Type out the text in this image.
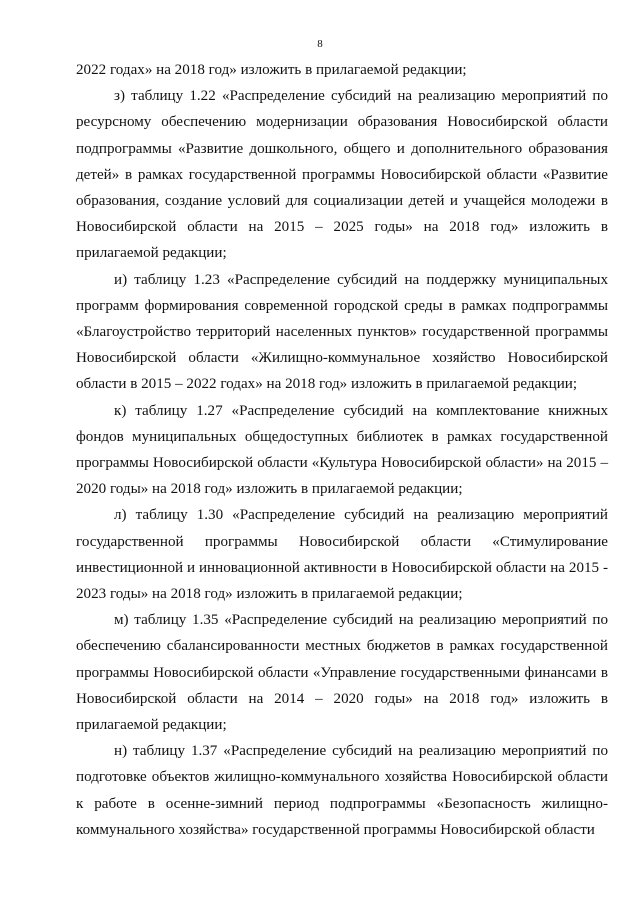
8

2022 годах» на 2018 год» изложить в прилагаемой редакции;

з) таблицу 1.22 «Распределение субсидий на реализацию мероприятий по ресурсному обеспечению модернизации образования Новосибирской области подпрограммы «Развитие дошкольного, общего и дополнительного образования детей» в рамках государственной программы Новосибирской области «Развитие образования, создание условий для социализации детей и учащейся молодежи в Новосибирской области на 2015 – 2025 годы» на 2018 год» изложить в прилагаемой редакции;

и) таблицу 1.23 «Распределение субсидий на поддержку муниципальных программ формирования современной городской среды в рамках подпрограммы «Благоустройство территорий населенных пунктов» государственной программы Новосибирской области «Жилищно-коммунальное хозяйство Новосибирской области в 2015 – 2022 годах» на 2018 год» изложить в прилагаемой редакции;

к) таблицу 1.27 «Распределение субсидий на комплектование книжных фондов муниципальных общедоступных библиотек в рамках государственной программы Новосибирской области «Культура Новосибирской области» на 2015 – 2020 годы» на 2018 год» изложить в прилагаемой редакции;

л) таблицу 1.30 «Распределение субсидий на реализацию мероприятий государственной программы Новосибирской области «Стимулирование инвестиционной и инновационной активности в Новосибирской области на 2015 - 2023 годы» на 2018 год» изложить в прилагаемой редакции;

м) таблицу 1.35 «Распределение субсидий на реализацию мероприятий по обеспечению сбалансированности местных бюджетов в рамках государственной программы Новосибирской области «Управление государственными финансами в Новосибирской области на 2014 – 2020 годы» на 2018 год» изложить в прилагаемой редакции;

н) таблицу 1.37 «Распределение субсидий на реализацию мероприятий по подготовке объектов жилищно-коммунального хозяйства Новосибирской области к работе в осенне-зимний период подпрограммы «Безопасность жилищно-коммунального хозяйства» государственной программы Новосибирской области
